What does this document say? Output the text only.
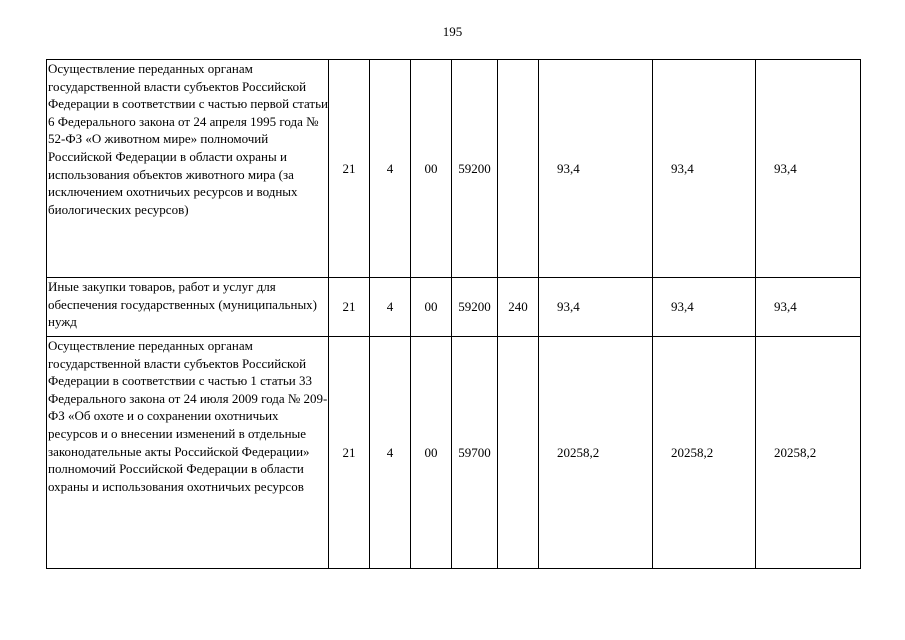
195
Осуществление переданных органам государственной власти субъектов Российской Федерации в соответствии с частью первой статьи 6 Федерального закона от 24 апреля 1995 года № 52-ФЗ «О животном мире» полномочий Российской Федерации в области охраны и использования объектов животного мира (за исключением охотничьих ресурсов и водных биологических ресурсов)	21	4	00	59200		93,4	93,4	93,4
Иные закупки товаров, работ и услуг для обеспечения государственных (муниципальных) нужд	21	4	00	59200	240	93,4	93,4	93,4
Осуществление переданных органам государственной власти субъектов Российской Федерации в соответствии с частью 1 статьи 33 Федерального закона от 24 июля 2009 года № 209-ФЗ «Об охоте и о сохранении охотничьих ресурсов и о внесении изменений в отдельные законодательные акты Российской Федерации» полномочий Российской Федерации в области охраны и использования охотничьих ресурсов	21	4	00	59700		20258,2	20258,2	20258,2
